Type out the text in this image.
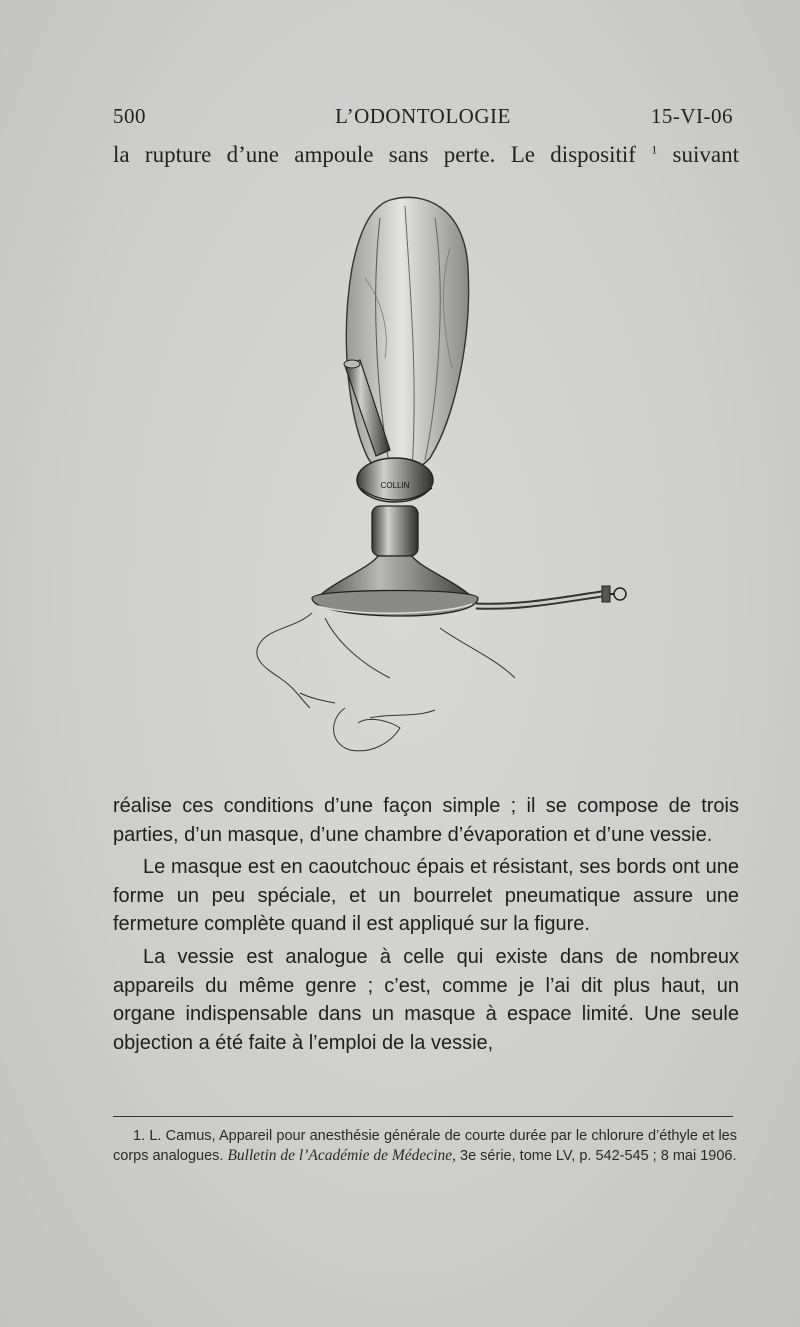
500	L’ODONTOLOGIE	15-VI-06
la rupture d’une ampoule sans perte. Le dispositif $^1$ suivant
COLLIN

réalise ces conditions d’une façon simple ; il se compose de trois parties, d’un masque, d’une chambre d’évaporation et d’une vessie.

Le masque est en caoutchouc épais et résistant, ses bords ont une forme un peu spéciale, et un bourrelet pneumatique assure une fermeture complète quand il est appliqué sur la figure.

La vessie est analogue à celle qui existe dans de nombreux appareils du même genre ; c’est, comme je l’ai dit plus haut, un organe indispensable dans un masque à espace limité. Une seule objection a été faite à l’emploi de la vessie,

1. L. Camus, Appareil pour anesthésie générale de courte durée par le chlorure d’éthyle et les corps analogues. Bulletin de l’Académie de Médecine, 3e série, tome LV, p. 542-545 ; 8 mai 1906.
